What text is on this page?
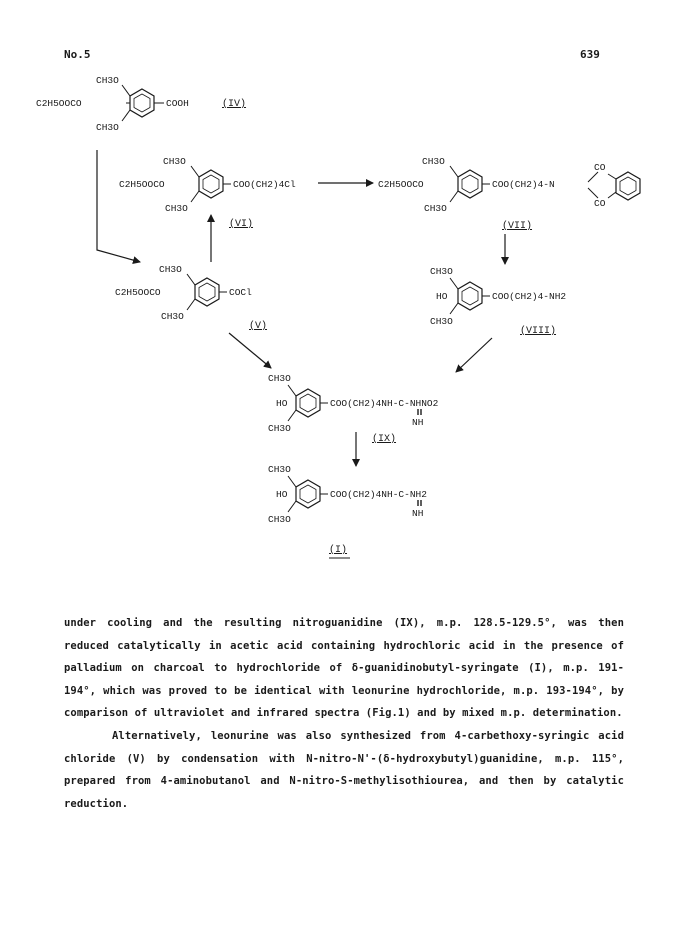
No.5	639
CH3O
CH3O
C2H5OOCO	COOH	(IV)
CH3O
CH3O
C2H5OOCO	COO(CH2)4Cl
(VI)
CH3O
CH3O
C2H5OOCO	COO(CH2)4-N
CO
CO
(VII)
CH3O
CH3O
C2H5OOCO	COCl
(V)
CH3O
CH3O
HO	COO(CH2)4-NH2
(VIII)
CH3O
CH3O
HO	COO(CH2)4NH-C-NHNO2
NH
(IX)
CH3O
CH3O
HO	COO(CH2)4NH-C-NH2
NH
(I)

under cooling and the resulting nitroguanidine (IX), m.p. 128.5-129.5°, was then reduced catalytically in acetic acid containing hydrochloric acid in the presence of palladium on charcoal to hydrochloride of δ-guanidinobutyl-syringate (I), m.p. 191-194°, which was proved to be identical with leonurine hydrochloride, m.p. 193-194°, by comparison of ultraviolet and infrared spectra (Fig.1) and by mixed m.p. determination.

Alternatively, leonurine was also synthesized from 4-carbethoxy-syringic acid chloride (V) by condensation with N-nitro-N'-(δ-hydroxybutyl)guanidine, m.p. 115°, prepared from 4-aminobutanol and N-nitro-S-methylisothiourea, and then by catalytic reduction.
